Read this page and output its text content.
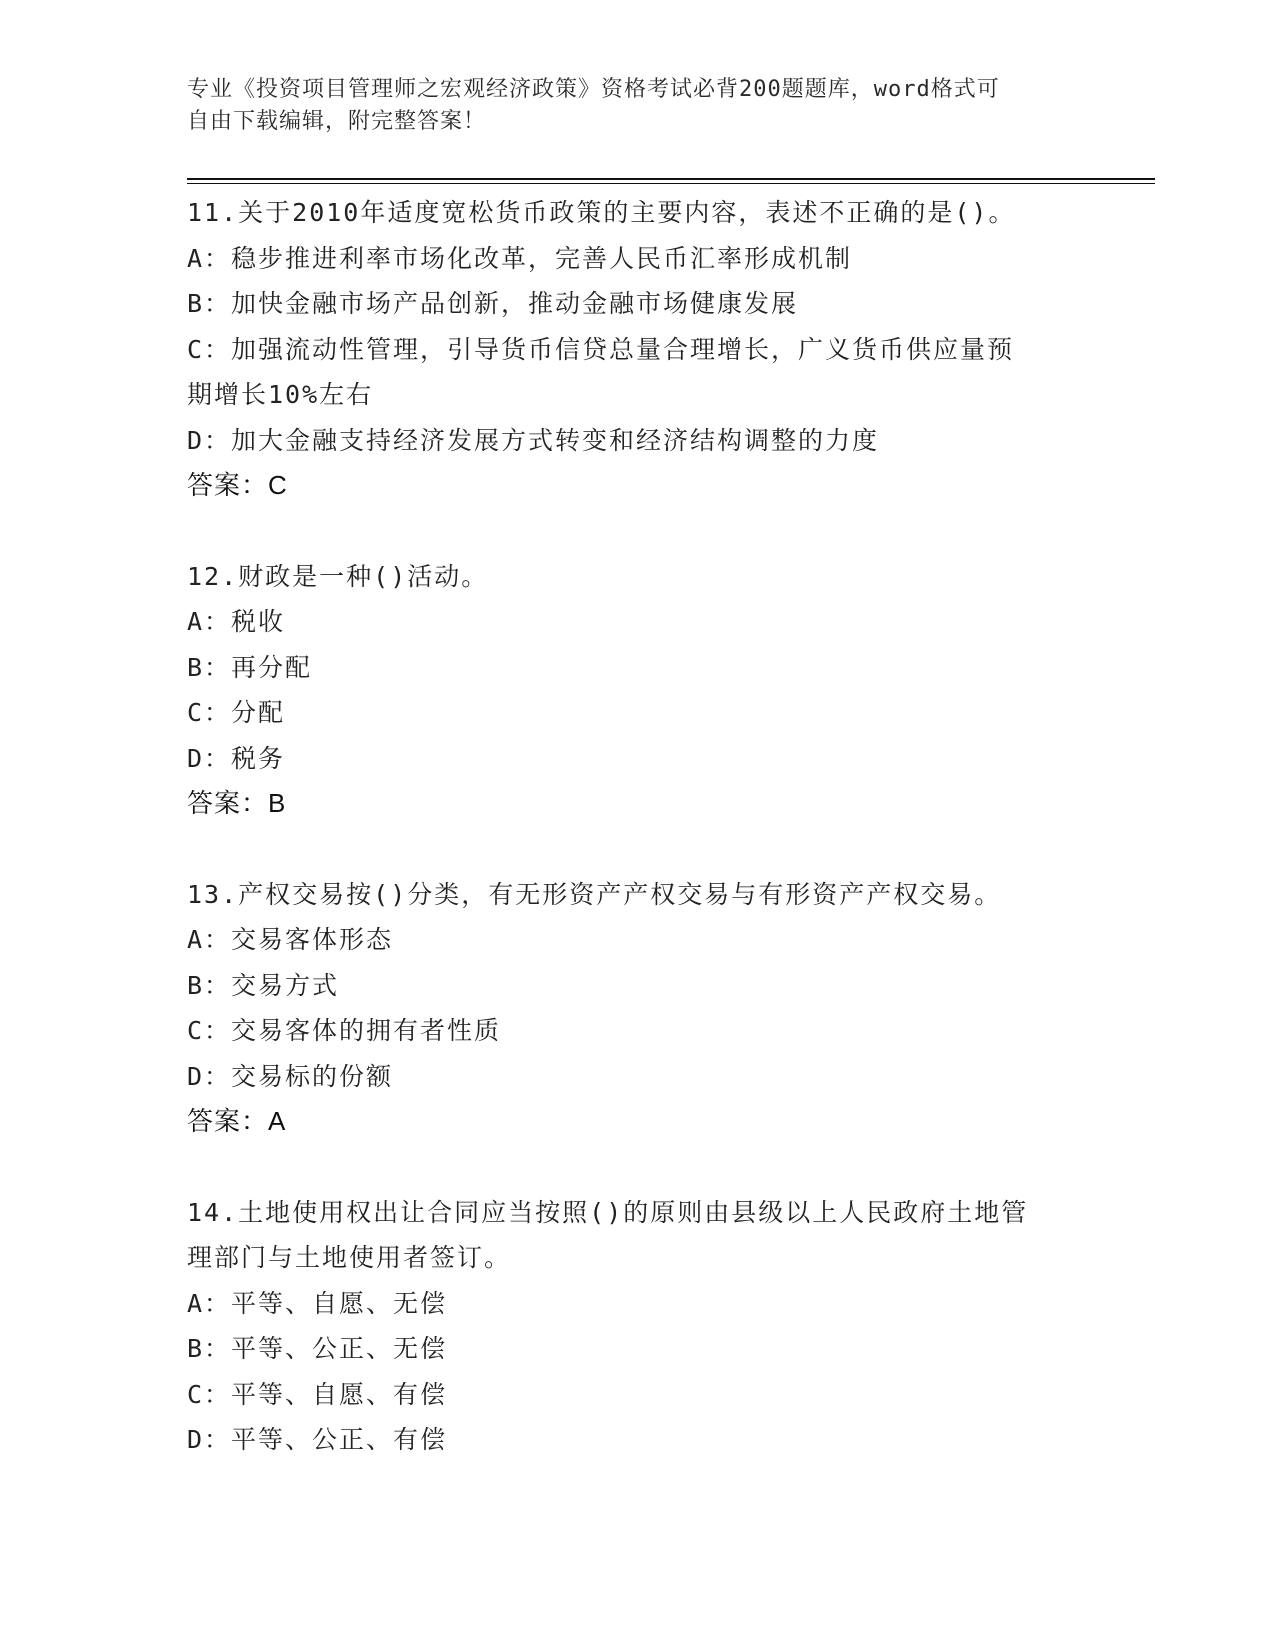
专业《投资项目管理师之宏观经济政策》资格考试必背200题题库，word格式可
自由下载编辑，附完整答案！
11.关于2010年适度宽松货币政策的主要内容，表述不正确的是()。
A：稳步推进利率市场化改革，完善人民币汇率形成机制
B：加快金融市场产品创新，推动金融市场健康发展
C：加强流动性管理，引导货币信贷总量合理增长，广义货币供应量预
期增长10%左右
D：加大金融支持经济发展方式转变和经济结构调整的力度
答案：C
12.财政是一种()活动。
A：税收
B：再分配
C：分配
D：税务
答案：B
13.产权交易按()分类，有无形资产产权交易与有形资产产权交易。
A：交易客体形态
B：交易方式
C：交易客体的拥有者性质
D：交易标的份额
答案：A
14.土地使用权出让合同应当按照()的原则由县级以上人民政府土地管
理部门与土地使用者签订。
A：平等、自愿、无偿
B：平等、公正、无偿
C：平等、自愿、有偿
D：平等、公正、有偿
